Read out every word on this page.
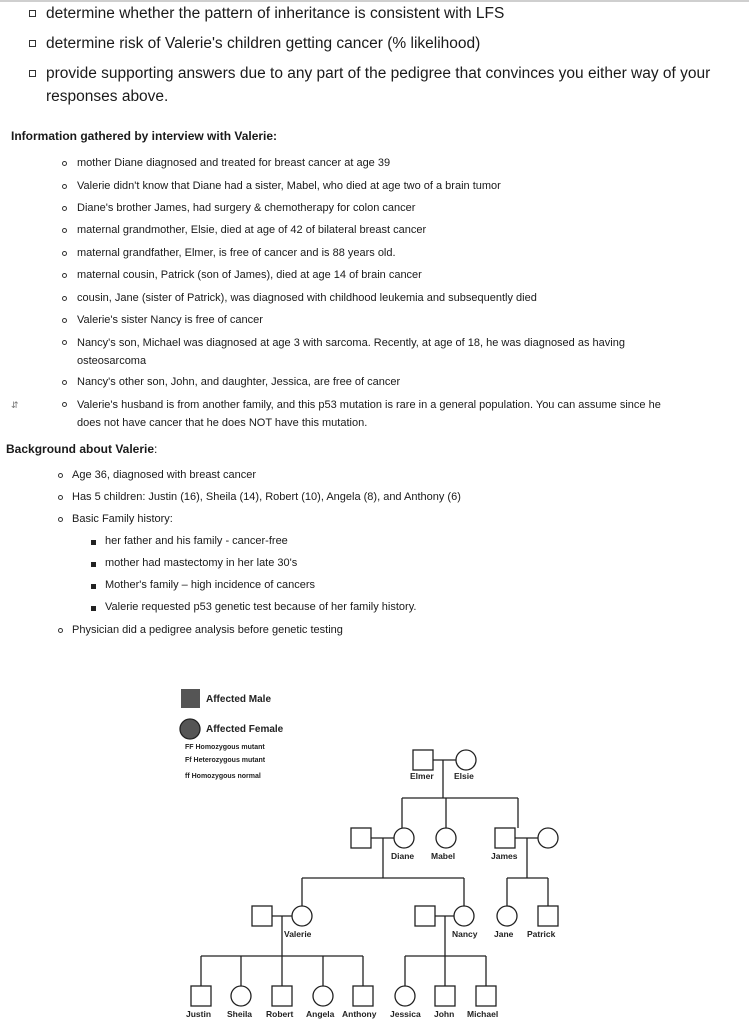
determine whether the pattern of inheritance is consistent with LFS
determine risk of Valerie's children getting cancer (% likelihood)
provide supporting answers due to any part of the pedigree that convinces you either way of your responses above.
Information gathered by interview with Valerie:
mother Diane diagnosed and treated for breast cancer at age 39
Valerie didn't know that Diane had a sister, Mabel, who died at age two of a brain tumor
Diane's brother James, had surgery & chemotherapy for colon cancer
maternal grandmother, Elsie, died at age of 42 of bilateral breast cancer
maternal grandfather, Elmer, is free of cancer and is 88 years old.
maternal cousin, Patrick (son of James), died at age 14 of brain cancer
cousin, Jane (sister of Patrick), was diagnosed with childhood leukemia and subsequently died
Valerie's sister Nancy is free of cancer
Nancy's son, Michael was diagnosed at age 3 with sarcoma. Recently, at age of 18, he was diagnosed as having osteosarcoma
Nancy's other son, John, and daughter, Jessica, are free of cancer
Valerie's husband is from another family, and this p53 mutation is rare in a general population. You can assume since he does not have cancer that he does NOT have this mutation.
⇵
Background about Valerie:
Age 36, diagnosed with breast cancer
Has 5 children: Justin (16), Sheila (14), Robert (10), Angela (8), and Anthony (6)
Basic Family history:
her father and his family - cancer-free
mother had mastectomy in her late 30's
Mother's family – high incidence of cancers
Valerie requested p53 genetic test because of her family history.
Physician did a pedigree analysis before genetic testing
Affected Male
Affected Female
FF Homozygous mutant
Ff Heterozygous mutant
ff Homozygous normal	Elmer Elsie
Diane Mabel	James
Valerie	Nancy Jane Patrick
Justin Sheila Robert Angela Anthony Jessica John Michael
